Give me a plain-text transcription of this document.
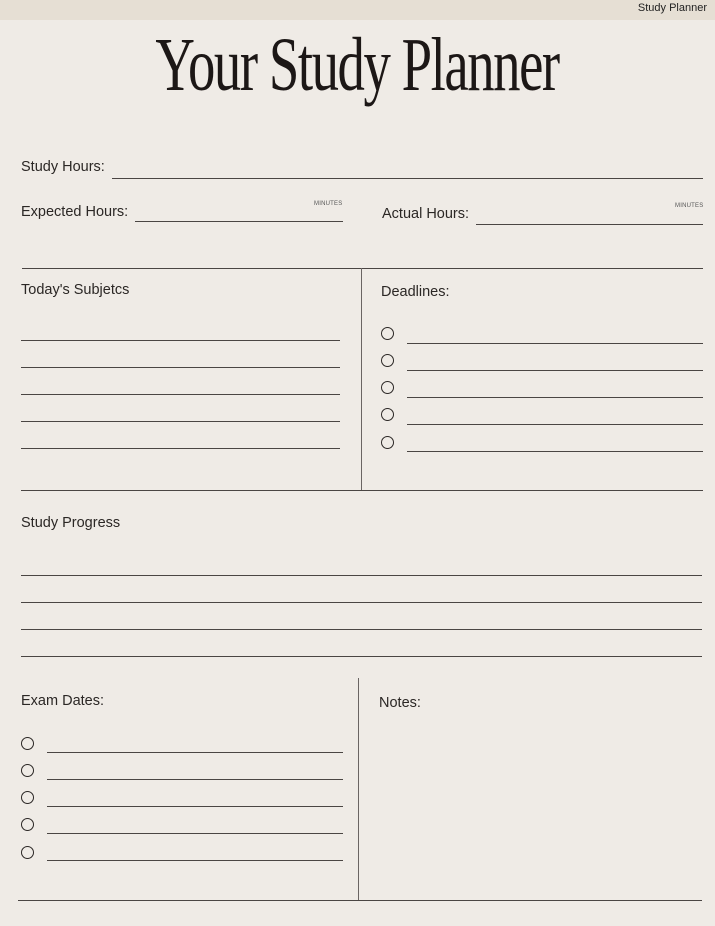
Study Planner
Your Study Planner
Study Hours:
Expected Hours:	MINUTES
Actual Hours:	MINUTES
Today's Subjetcs	Deadlines:
Study Progress
Exam Dates:	Notes:
